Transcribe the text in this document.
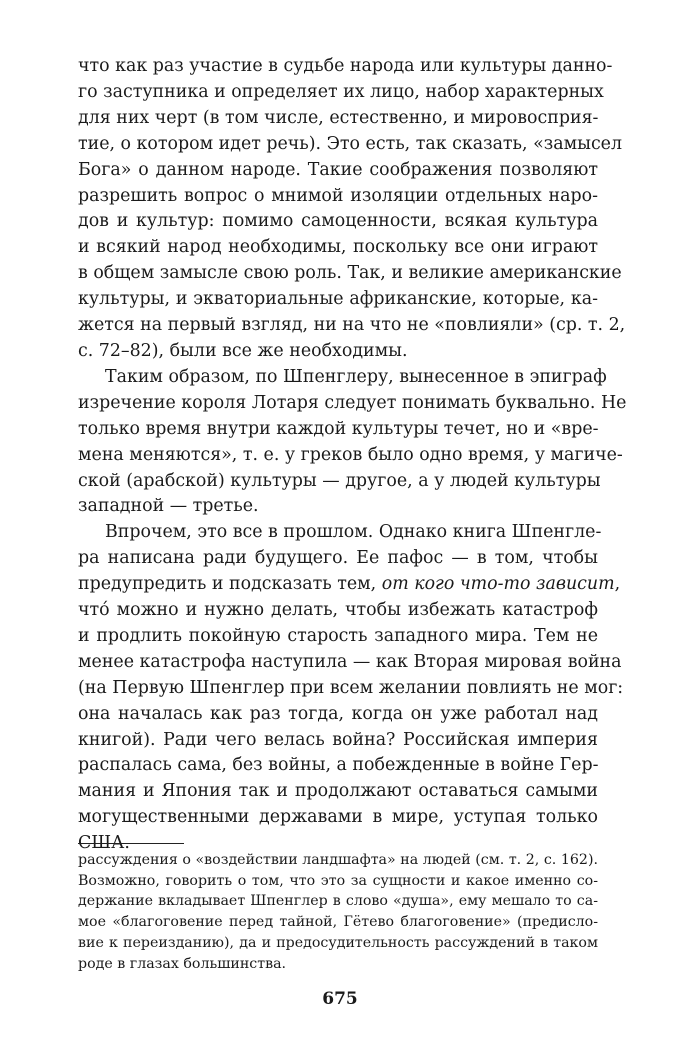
что как раз участие в судьбе народа или культуры данно-
го заступника и определяет их лицо, набор характерных
для них черт (в том числе, естественно, и мировосприя-
тие, о котором идет речь). Это есть, так сказать, «замысел
Бога» о данном народе. Такие соображения позволяют
разрешить вопрос о мнимой изоляции отдельных наро-
дов и культур: помимо самоценности, всякая культура
и всякий народ необходимы, поскольку все они играют
в общем замысле свою роль. Так, и великие американские
культуры, и экваториальные африканские, которые, ка-
жется на первый взгляд, ни на что не «повлияли» (ср. т. 2,
с. 72–82), были все же необходимы.

Таким образом, по Шпенглеру, вынесенное в эпиграф
изречение короля Лотаря следует понимать буквально. Не
только время внутри каждой культуры течет, но и «вре-
мена меняются», т. е. у греков было одно время, у магиче-
ской (арабской) культуры — другое, а у людей культуры
западной — третье.

Впрочем, это все в прошлом. Однако книга Шпенгле-
ра написана ради будущего. Ее пафос — в том, чтобы
предупредить и подсказать тем, от кого что-то зависит,
что́ можно и нужно делать, чтобы избежать катастроф
и продлить покойную старость западного мира. Тем не
менее катастрофа наступила — как Вторая мировая война
(на Первую Шпенглер при всем желании повлиять не мог:
она началась как раз тогда, когда он уже работал над
книгой). Ради чего велась война? Российская империя
распалась сама, без войны, а побежденные в войне Гер-
мания и Япония так и продолжают оставаться самыми
могущественными державами в мире, уступая только
США.

рассуждения о «воздействии ландшафта» на людей (см. т. 2, с. 162).
Возможно, говорить о том, что это за сущности и какое именно со-
держание вкладывает Шпенглер в слово «душа», ему мешало то са-
мое «благоговение перед тайной, Гётево благоговение» (предисло-
вие к переизданию), да и предосудительность рассуждений в таком
роде в глазах большинства.
675
